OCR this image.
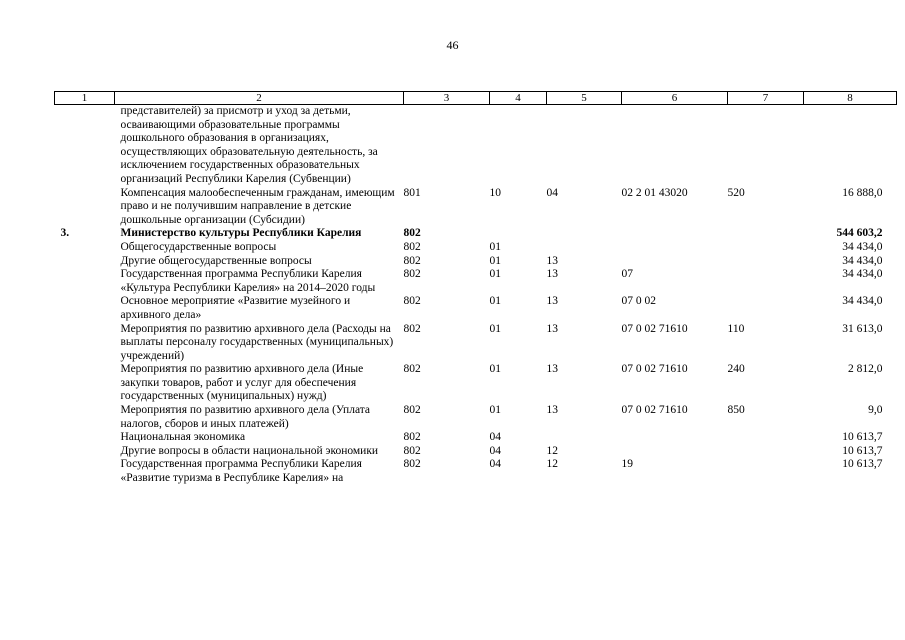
46
1	2	3	4	5	6	7	8
	представителей) за присмотр и уход за детьми, осваивающими образовательные программы дошкольного образования в организациях, осуществляющих образовательную деятельность, за исключением государственных образовательных организаций Республики Карелия (Субвенции)						
	Компенсация малообеспеченным гражданам, имеющим право и не получившим направление в детские дошкольные организации (Субсидии)	801	10	04	02 2 01 43020	520	16 888,0
3.	Министерство культуры Республики Карелия	802					544 603,2
	Общегосударственные вопросы	802	01				34 434,0
	Другие общегосударственные вопросы	802	01	13			34 434,0
	Государственная программа Республики Карелия «Культура Республики Карелия» на 2014–2020 годы	802	01	13	07		34 434,0
	Основное мероприятие «Развитие музейного и архивного дела»	802	01	13	07 0 02		34 434,0
	Мероприятия по развитию архивного дела (Расходы на выплаты персоналу государственных (муниципальных) учреждений)	802	01	13	07 0 02 71610	110	31 613,0
	Мероприятия по развитию архивного дела (Иные закупки товаров, работ и услуг для обеспечения государственных (муниципальных) нужд)	802	01	13	07 0 02 71610	240	2 812,0
	Мероприятия по развитию архивного дела (Уплата налогов, сборов и иных платежей)	802	01	13	07 0 02 71610	850	9,0
	Национальная экономика	802	04				10 613,7
	Другие вопросы в области национальной экономики	802	04	12			10 613,7
	Государственная программа Республики Карелия «Развитие туризма в Республике Карелия» на	802	04	12	19		10 613,7
